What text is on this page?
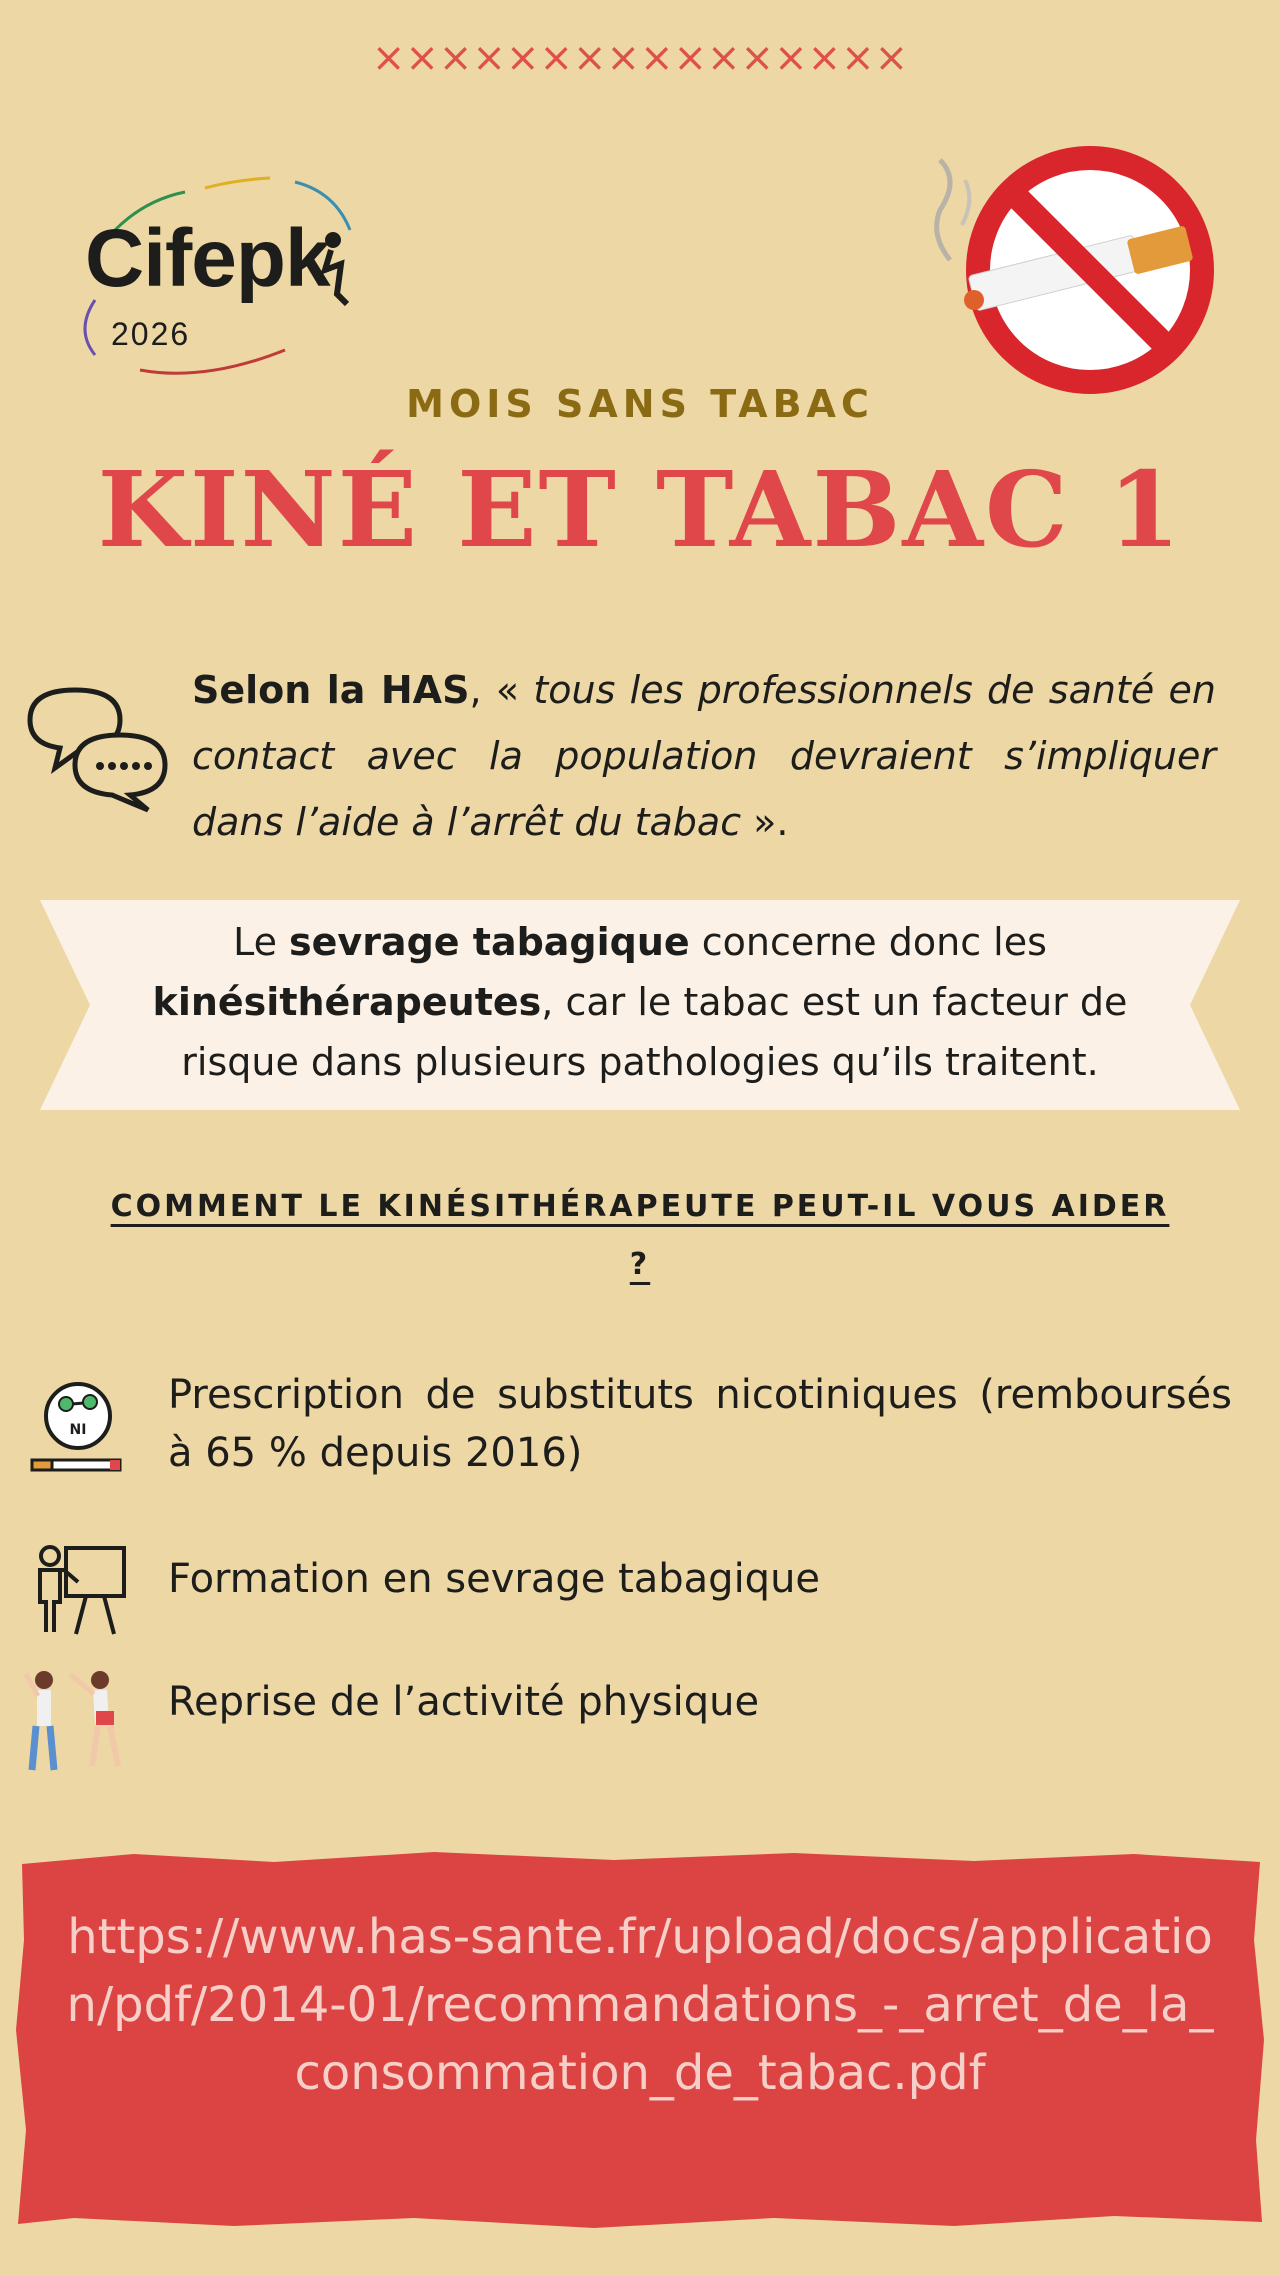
××××××××××××××××
Cifepk
2026
MOIS SANS TABAC
KINÉ ET TABAC 1
Selon la HAS, « tous les professionnels de santé en contact avec la population devraient s’impliquer dans l’aide à l’arrêt du tabac ».
Le sevrage tabagique concerne donc les kinésithérapeutes, car le tabac est un facteur de risque dans plusieurs pathologies qu’ils traitent.
COMMENT LE KINÉSITHÉRAPEUTE PEUT-IL VOUS AIDER ?
NI
Prescription de substituts nicotiniques (remboursés à 65 % depuis 2016)
Formation en sevrage tabagique
Reprise de l’activité physique
https://www.has-sante.fr/upload/docs/application/pdf/2014-01/recommandations_-_arret_de_la_consommation_de_tabac.pdf
